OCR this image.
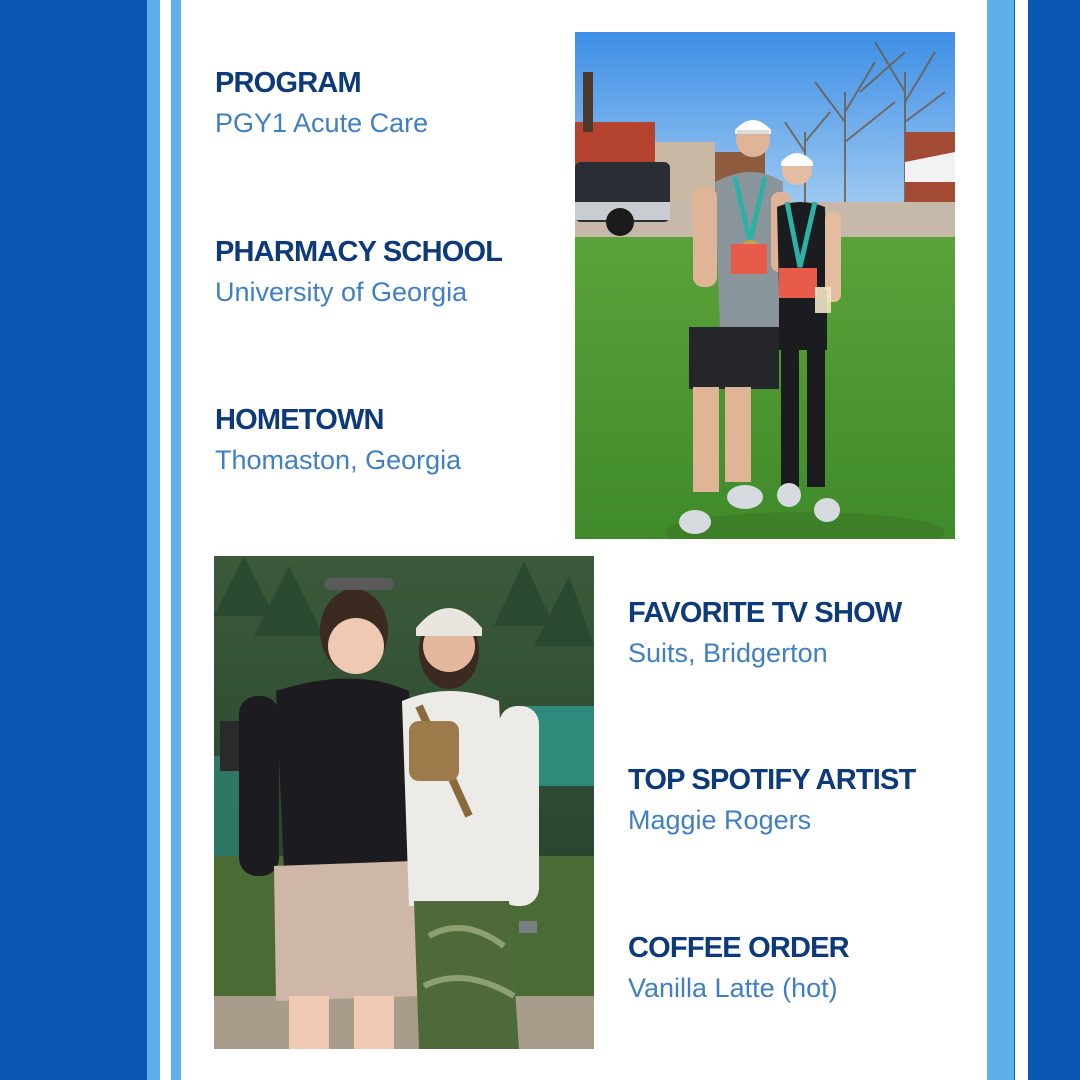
PROGRAM
PGY1 Acute Care
PHARMACY SCHOOL
University of Georgia
HOMETOWN
Thomaston, Georgia
FAVORITE TV SHOW
Suits, Bridgerton
TOP SPOTIFY ARTIST
Maggie Rogers
COFFEE ORDER
Vanilla Latte (hot)
